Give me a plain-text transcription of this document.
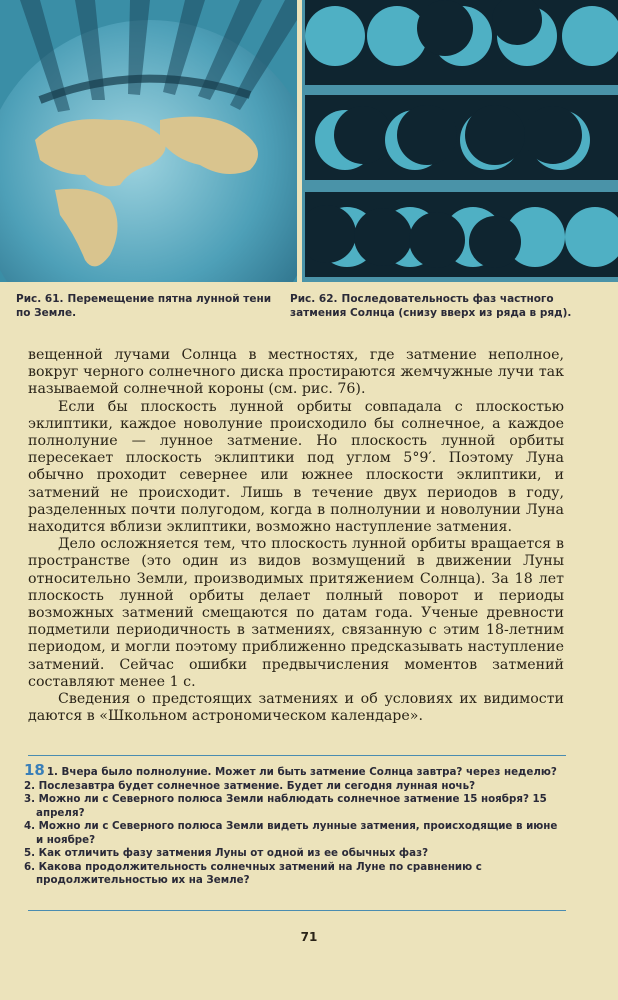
Рис. 61. Перемещение пятна лунной тени по Земле.
Рис. 62. Последовательность фаз частного затмения Солнца (снизу вверх из ряда в ряд).

вещенной лучами Солнца в местностях, где затмение неполное, вокруг черного солнечного диска простираются жемчужные лучи так называемой солнечной короны (см. рис. 76).

Если бы плоскость лунной орбиты совпадала с плоскостью эклиптики, каждое новолуние происходило бы солнечное, а каждое полнолуние — лунное затмение. Но плоскость лунной орбиты пересекает плоскость эклиптики под углом 5°9′. Поэтому Луна обычно проходит севернее или южнее плоскости эклиптики, и затмений не происходит. Лишь в течение двух периодов в году, разделенных почти полугодом, когда в полнолунии и новолунии Луна находится вблизи эклиптики, возможно наступление затмения.

Дело осложняется тем, что плоскость лунной орбиты вращается в пространстве (это один из видов возмущений в движении Луны относительно Земли, производимых притяжением Солнца). За 18 лет плоскость лунной орбиты делает полный поворот и периоды возможных затмений смещаются по датам года. Ученые древности подметили периодичность в затмениях, связанную с этим 18-летним периодом, и могли поэтому приближенно предсказывать наступление затмений. Сейчас ошибки предвычисления моментов затмений составляют менее 1 с.

Сведения о предстоящих затмениях и об условиях их видимости даются в «Школьном астрономическом календаре».

18 1. Вчера было полнолуние. Может ли быть затмение Солнца завтра? через неделю?
2. Послезавтра будет солнечное затмение. Будет ли сегодня лунная ночь?
3. Можно ли с Северного полюса Земли наблюдать солнечное затмение 15 ноября? 15 апреля?
4. Можно ли с Северного полюса Земли видеть лунные затмения, происходящие в июне и ноябре?
5. Как отличить фазу затмения Луны от одной из ее обычных фаз?
6. Какова продолжительность солнечных затмений на Луне по сравнению с продолжительностью их на Земле?
71
